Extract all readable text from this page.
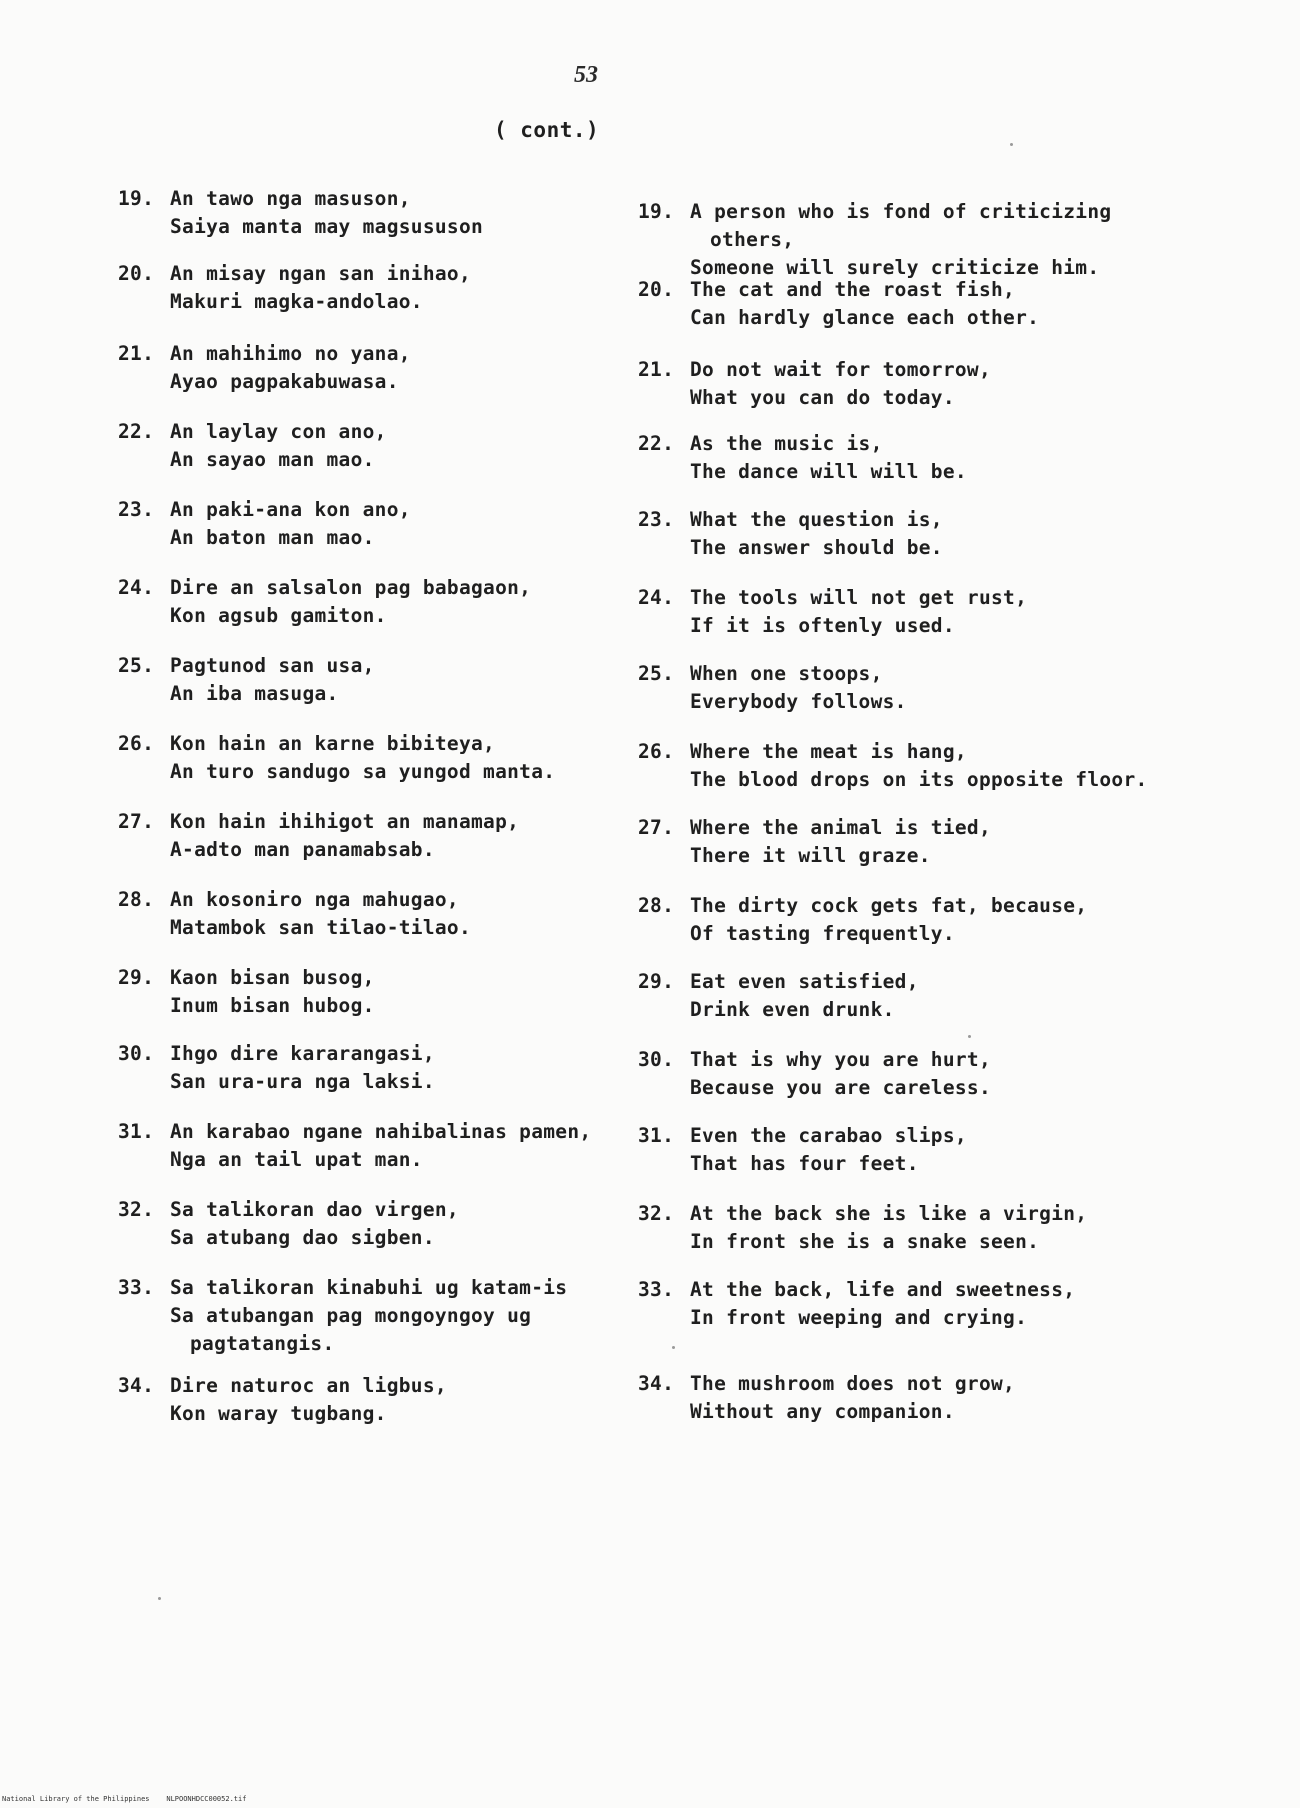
53
( cont.)
19. An tawo nga masuson,
Saiya manta may magsususon
20. An misay ngan san inihao,
Makuri magka-andolao.
21. An mahihimo no yana,
Ayao pagpakabuwasa.
22. An laylay con ano,
An sayao man mao.
23. An paki-ana kon ano,
An baton man mao.
24. Dire an salsalon pag babagaon,
Kon agsub gamiton.
25. Pagtunod san usa,
An iba masuga.
26. Kon hain an karne bibiteya,
An turo sandugo sa yungod manta.
27. Kon hain ihihigot an manamap,
A-adto man panamabsab.
28. An kosoniro nga mahugao,
Matambok san tilao-tilao.
29. Kaon bisan busog,
Inum bisan hubog.
30. Ihgo dire kararangasi,
San ura-ura nga laksi.
31. An karabao ngane nahibalinas pamen,
Nga an tail upat man.
32. Sa talikoran dao virgen,
Sa atubang dao sigben.
33. Sa talikoran kinabuhi ug katam-is
Sa atubangan pag mongoyngoy ug
pagtatangis.
34. Dire naturoc an ligbus,
Kon waray tugbang.
19. A person who is fond of criticizing
others,
Someone will surely criticize him.
20. The cat and the roast fish,
Can hardly glance each other.
21. Do not wait for tomorrow,
What you can do today.
22. As the music is,
The dance will will be.
23. What the question is,
The answer should be.
24. The tools will not get rust,
If it is oftenly used.
25. When one stoops,
Everybody follows.
26. Where the meat is hang,
The blood drops on its opposite floor.
27. Where the animal is tied,
There it will graze.
28. The dirty cock gets fat, because,
Of tasting frequently.
29. Eat even satisfied,
Drink even drunk.
30. That is why you are hurt,
Because you are careless.
31. Even the carabao slips,
That has four feet.
32. At the back she is like a virgin,
In front she is a snake seen.
33. At the back, life and sweetness,
In front weeping and crying.
34. The mushroom does not grow,
Without any companion.
National Library of the Philippines    NLPOONHDCC00052.tif
